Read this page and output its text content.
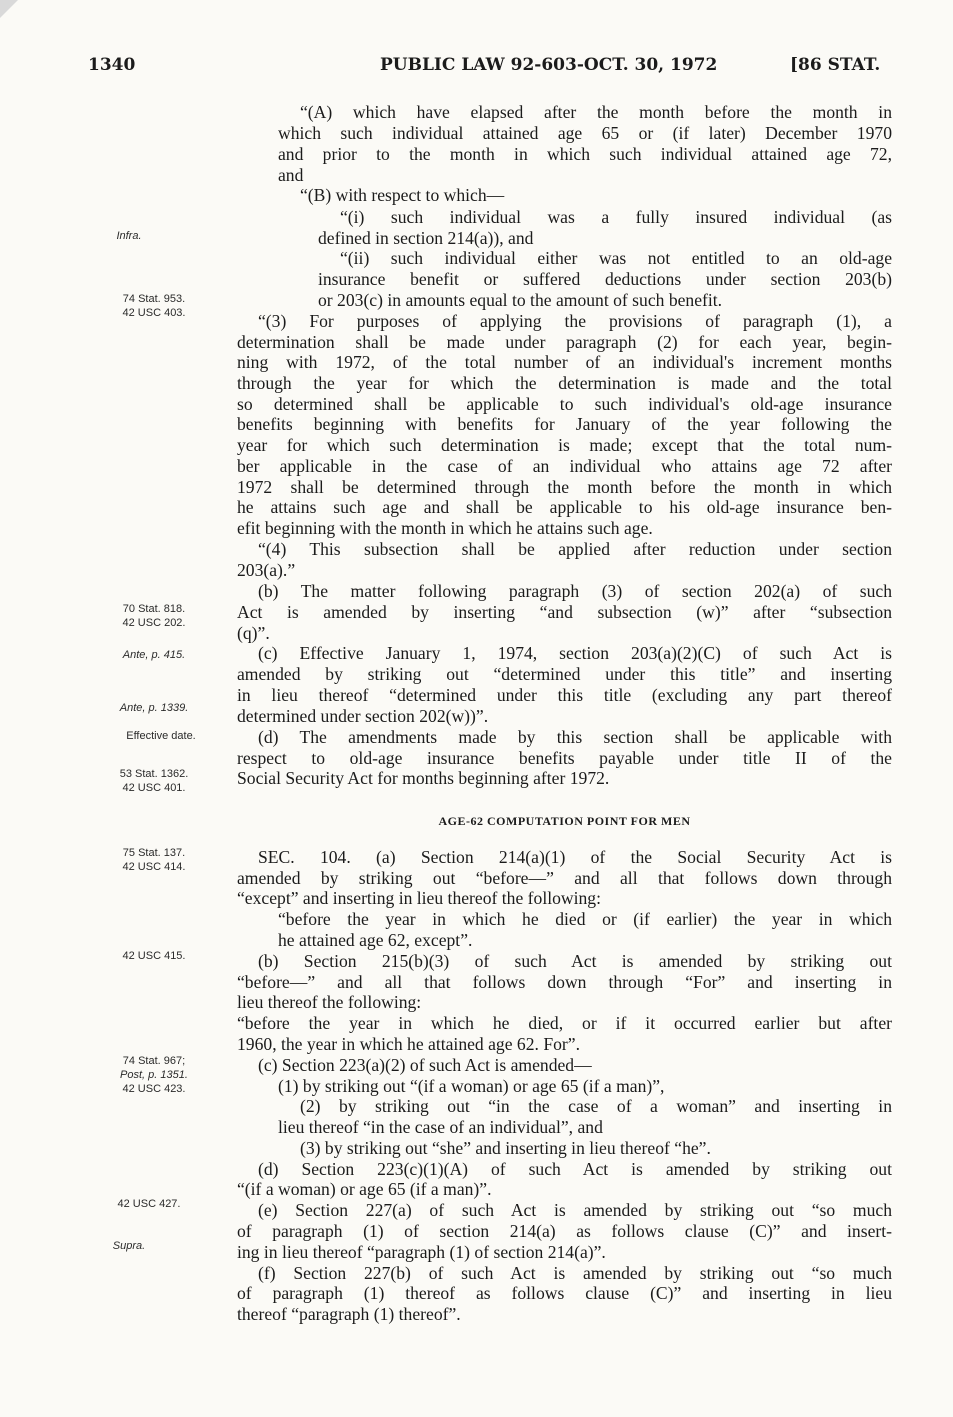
1340	PUBLIC LAW 92-603-OCT. 30, 1972	[86 STAT.
Infra.
74 Stat. 953.
42 USC 403.
70 Stat. 818.
42 USC 202.
Ante, p. 415.
Ante, p. 1339.
Effective date.
53 Stat. 1362.
42 USC 401.
75 Stat. 137.
42 USC 414.
42 USC 415.
74 Stat. 967;
Post, p. 1351.
42 USC 423.
42 USC 427.
Supra.
“(A) which have elapsed after the month before the month in
which such individual attained age 65 or (if later) December 1970
and prior to the month in which such individual attained age 72,
and
“(B) with respect to which—
“(i) such individual was a fully insured individual (as
defined in section 214(a)), and
“(ii) such individual either was not entitled to an old-age
insurance benefit or suffered deductions under section 203(b)
or 203(c) in amounts equal to the amount of such benefit.
“(3) For purposes of applying the provisions of paragraph (1), a
determination shall be made under paragraph (2) for each year, begin-
ning with 1972, of the total number of an individual's increment months
through the year for which the determination is made and the total
so determined shall be applicable to such individual's old-age insurance
benefits beginning with benefits for January of the year following the
year for which such determination is made; except that the total num-
ber applicable in the case of an individual who attains age 72 after
1972 shall be determined through the month before the month in which
he attains such age and shall be applicable to his old-age insurance ben-
efit beginning with the month in which he attains such age.
“(4) This subsection shall be applied after reduction under section
203(a).”
(b) The matter following paragraph (3) of section 202(a) of such
Act is amended by inserting “and subsection (w)” after “subsection
(q)”.
(c) Effective January 1, 1974, section 203(a)(2)(C) of such Act is
amended by striking out “determined under this title” and inserting
in lieu thereof “determined under this title (excluding any part thereof
determined under section 202(w))”.
(d) The amendments made by this section shall be applicable with
respect to old-age insurance benefits payable under title II of the
Social Security Act for months beginning after 1972.
AGE-62 COMPUTATION POINT FOR MEN
SEC. 104. (a) Section 214(a)(1) of the Social Security Act is
amended by striking out “before—” and all that follows down through
“except” and inserting in lieu thereof the following:
“before the year in which he died or (if earlier) the year in which
he attained age 62, except”.
(b) Section 215(b)(3) of such Act is amended by striking out
“before—” and all that follows down through “For” and inserting in
lieu thereof the following:
“before the year in which he died, or if it occurred earlier but after
1960, the year in which he attained age 62. For”.
(c) Section 223(a)(2) of such Act is amended—
(1) by striking out “(if a woman) or age 65 (if a man)”,
(2) by striking out “in the case of a woman” and inserting in
lieu thereof “in the case of an individual”, and
(3) by striking out “she” and inserting in lieu thereof “he”.
(d) Section 223(c)(1)(A) of such Act is amended by striking out
“(if a woman) or age 65 (if a man)”.
(e) Section 227(a) of such Act is amended by striking out “so much
of paragraph (1) of section 214(a) as follows clause (C)” and insert-
ing in lieu thereof “paragraph (1) of section 214(a)”.
(f) Section 227(b) of such Act is amended by striking out “so much
of paragraph (1) thereof as follows clause (C)” and inserting in lieu
thereof “paragraph (1) thereof”.
